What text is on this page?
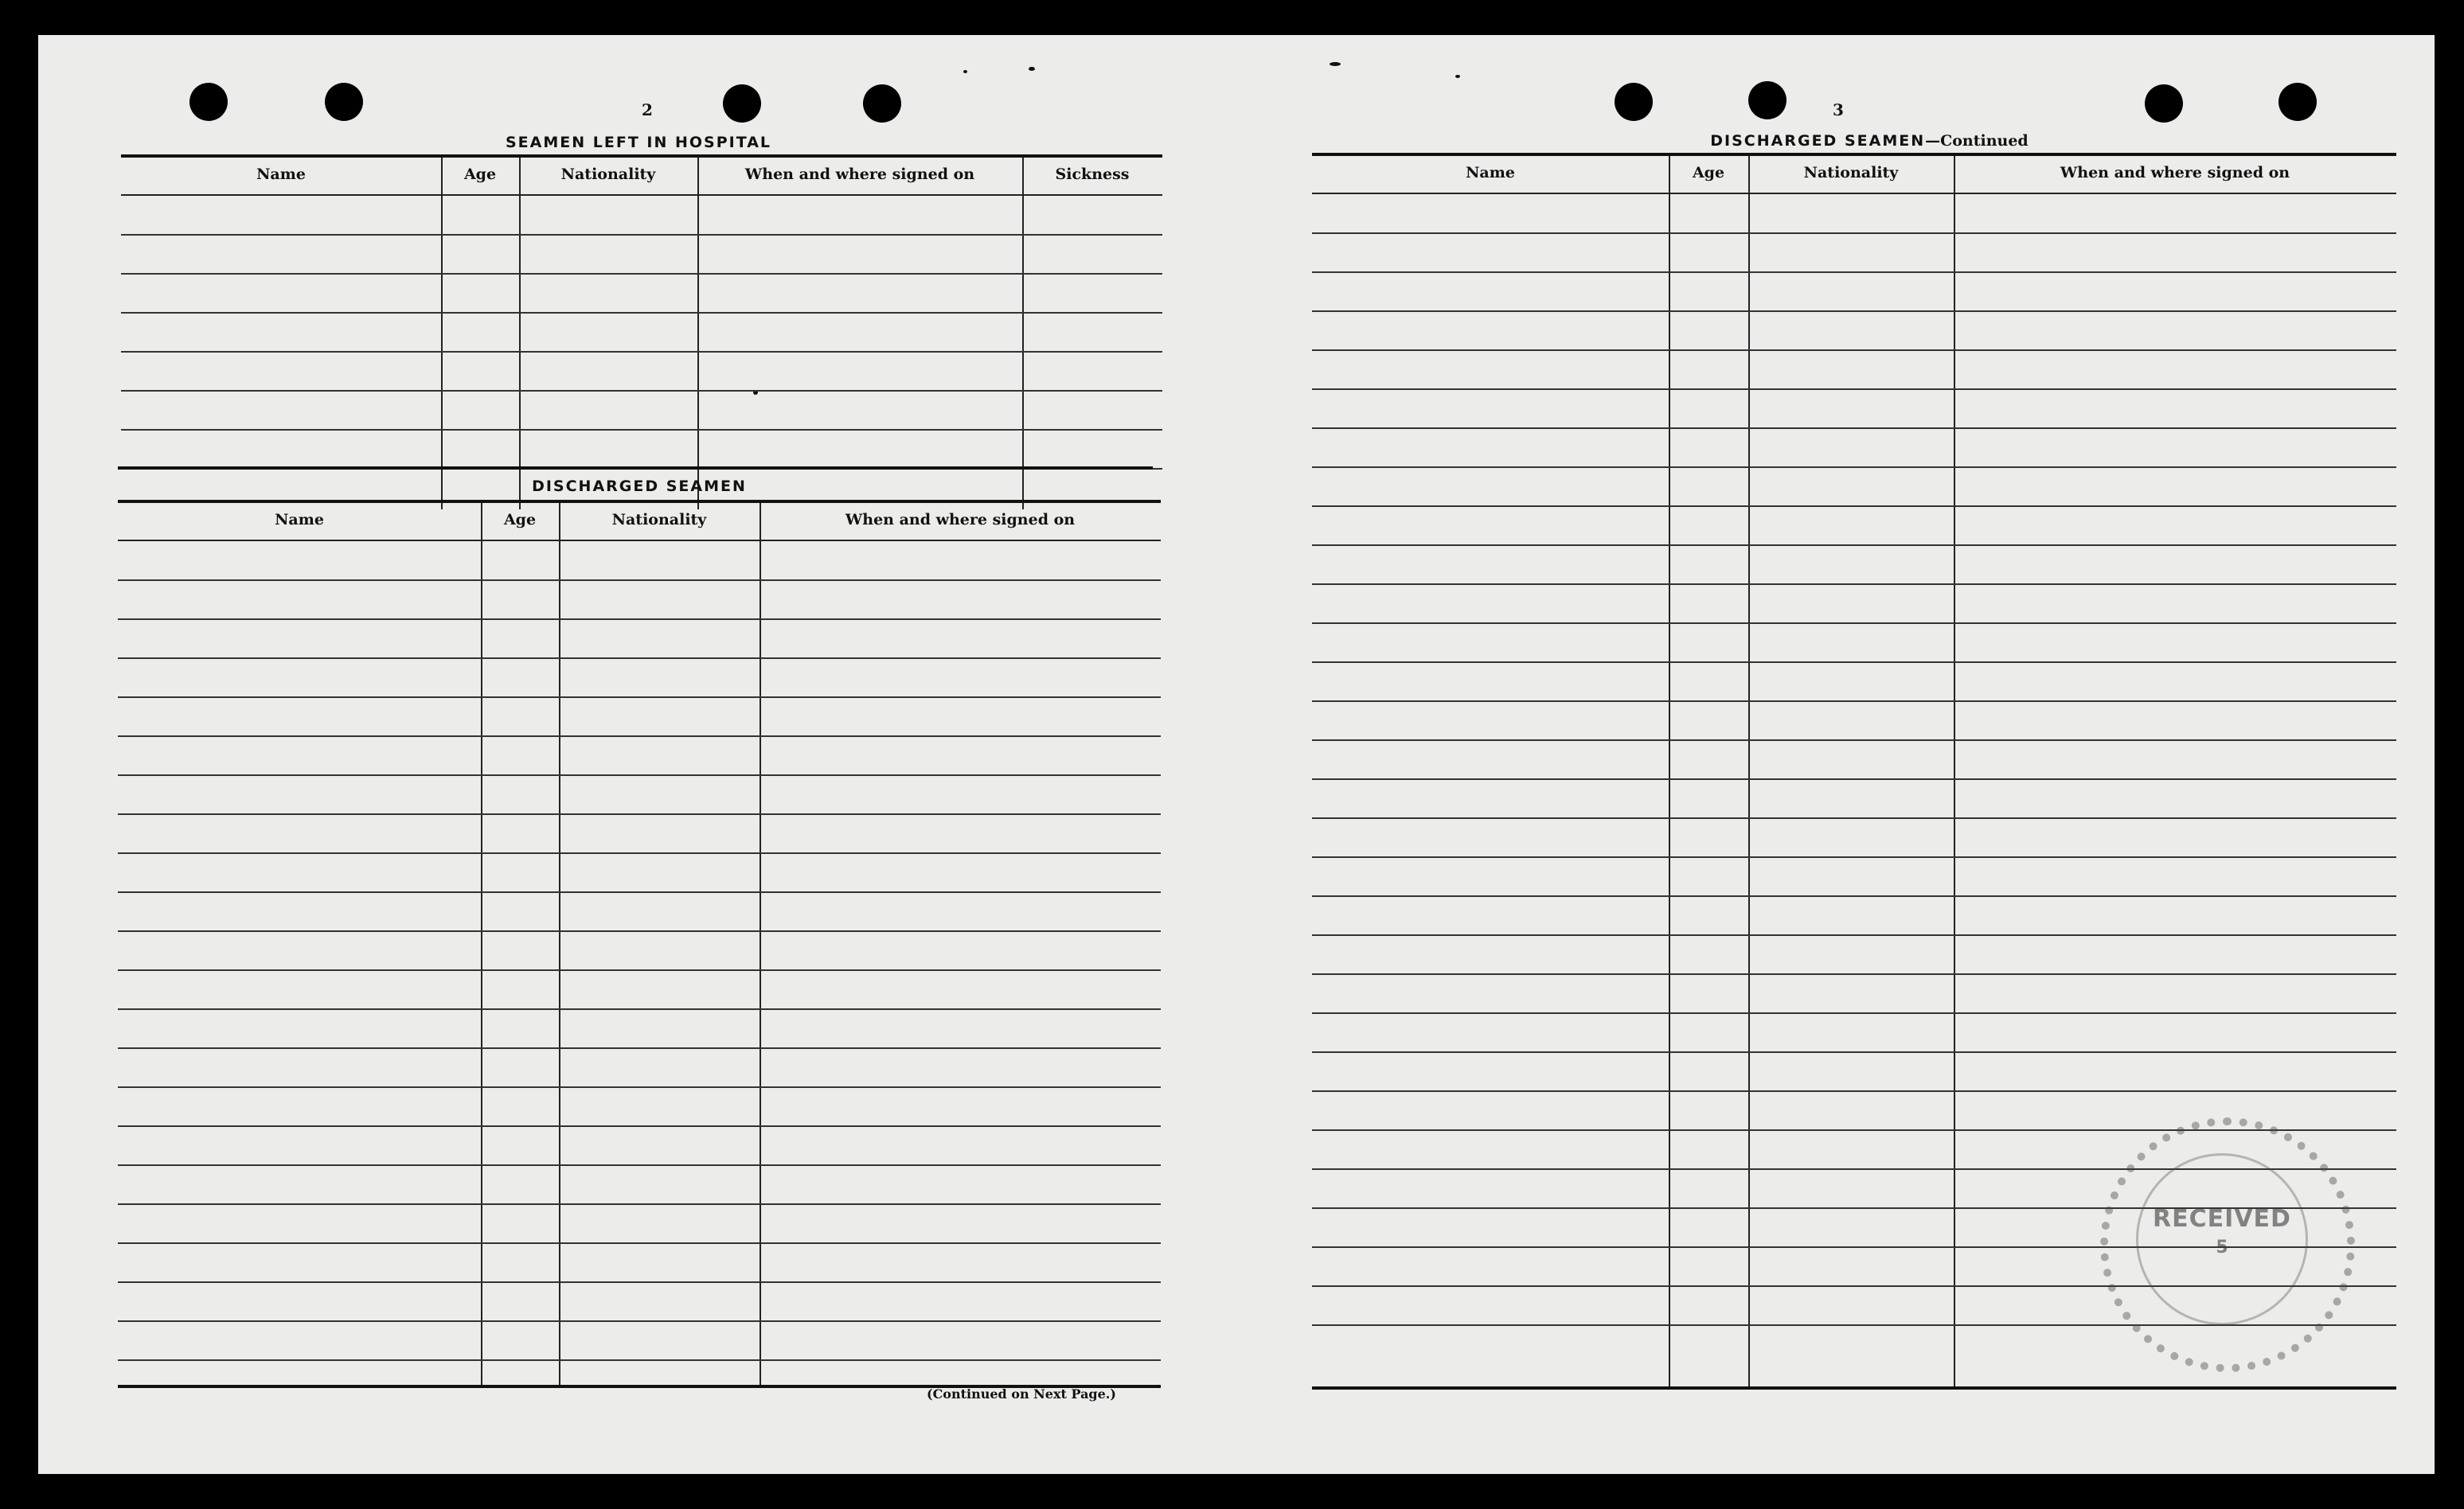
2
SEAMEN LEFT IN HOSPITAL
Name	Age	Nationality	When and where signed on	Sickness
DISCHARGED SEAMEN
Name	Age	Nationality	When and where signed on
(Continued on Next Page.)
3
DISCHARGED SEAMEN—Continued
Name	Age	Nationality	When and where signed on
RECEIVED
5
